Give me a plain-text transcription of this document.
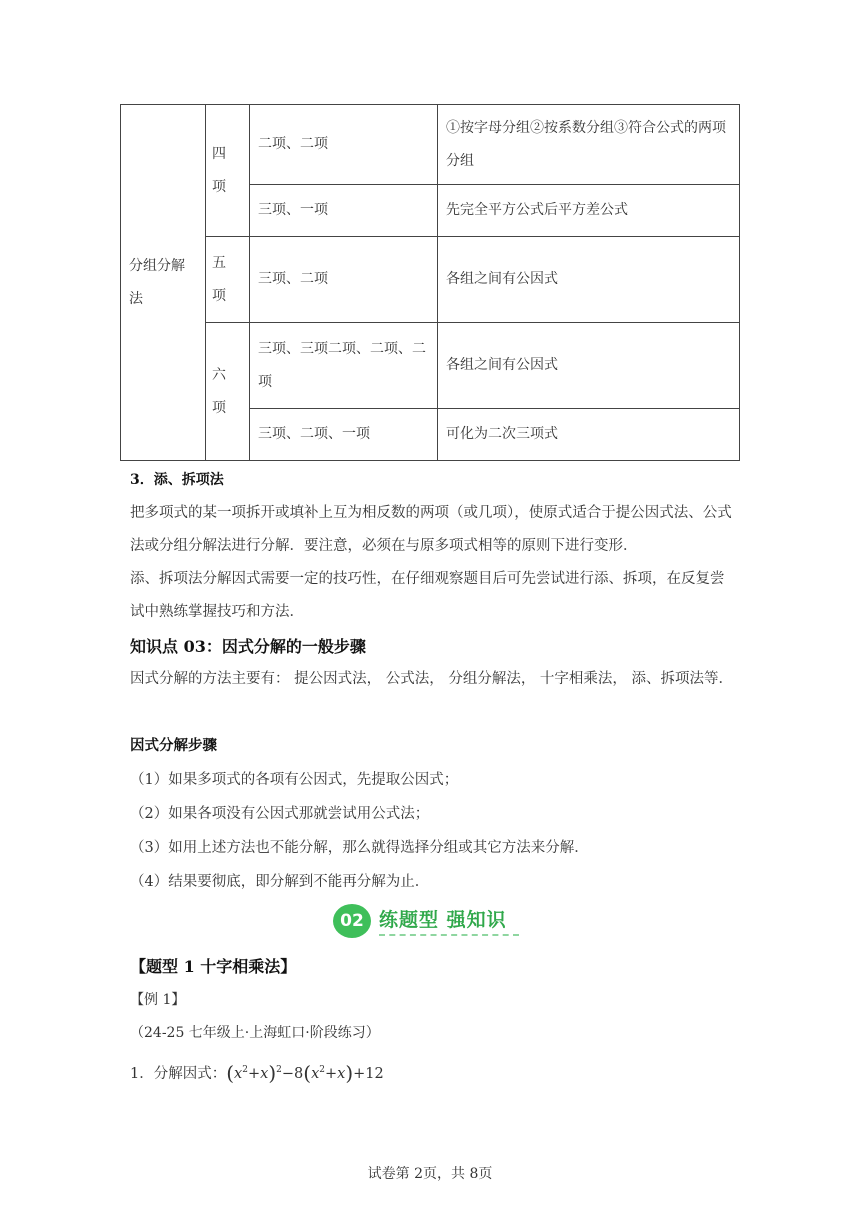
分组分解法	四项	二项、二项	①按字母分组②按系数分组③符合公式的两项分组
		三项、一项	先完全平方公式后平方差公式

	五项	三项、二项	各组之间有公因式

	六项	三项、三项二项、二项、二项	各组之间有公因式
		三项、二项、一项	可化为二次三项式
3．添、拆项法
把多项式的某一项拆开或填补上互为相反数的两项（或几项），使原式适合于提公因式法、公式法或分组分解法进行分解．要注意，必须在与原多项式相等的原则下进行变形．
添、拆项法分解因式需要一定的技巧性，在仔细观察题目后可先尝试进行添、拆项，在反复尝试中熟练掌握技巧和方法．
知识点 03：因式分解的一般步骤
因式分解的方法主要有： 提公因式法， 公式法， 分组分解法， 十字相乘法， 添、拆项法等．
因式分解步骤
（1）如果多项式的各项有公因式，先提取公因式；
（2）如果各项没有公因式那就尝试用公式法；
（3）如用上述方法也不能分解，那么就得选择分组或其它方法来分解．
（4）结果要彻底，即分解到不能再分解为止．
02 练题型 强知识
【题型 1 十字相乘法】
【例 1】
（24-25 七年级上·上海虹口·阶段练习）
1．分解因式：$(x^2+x)^2-8(x^2+x)+12$
试卷第 2页，共 8页
